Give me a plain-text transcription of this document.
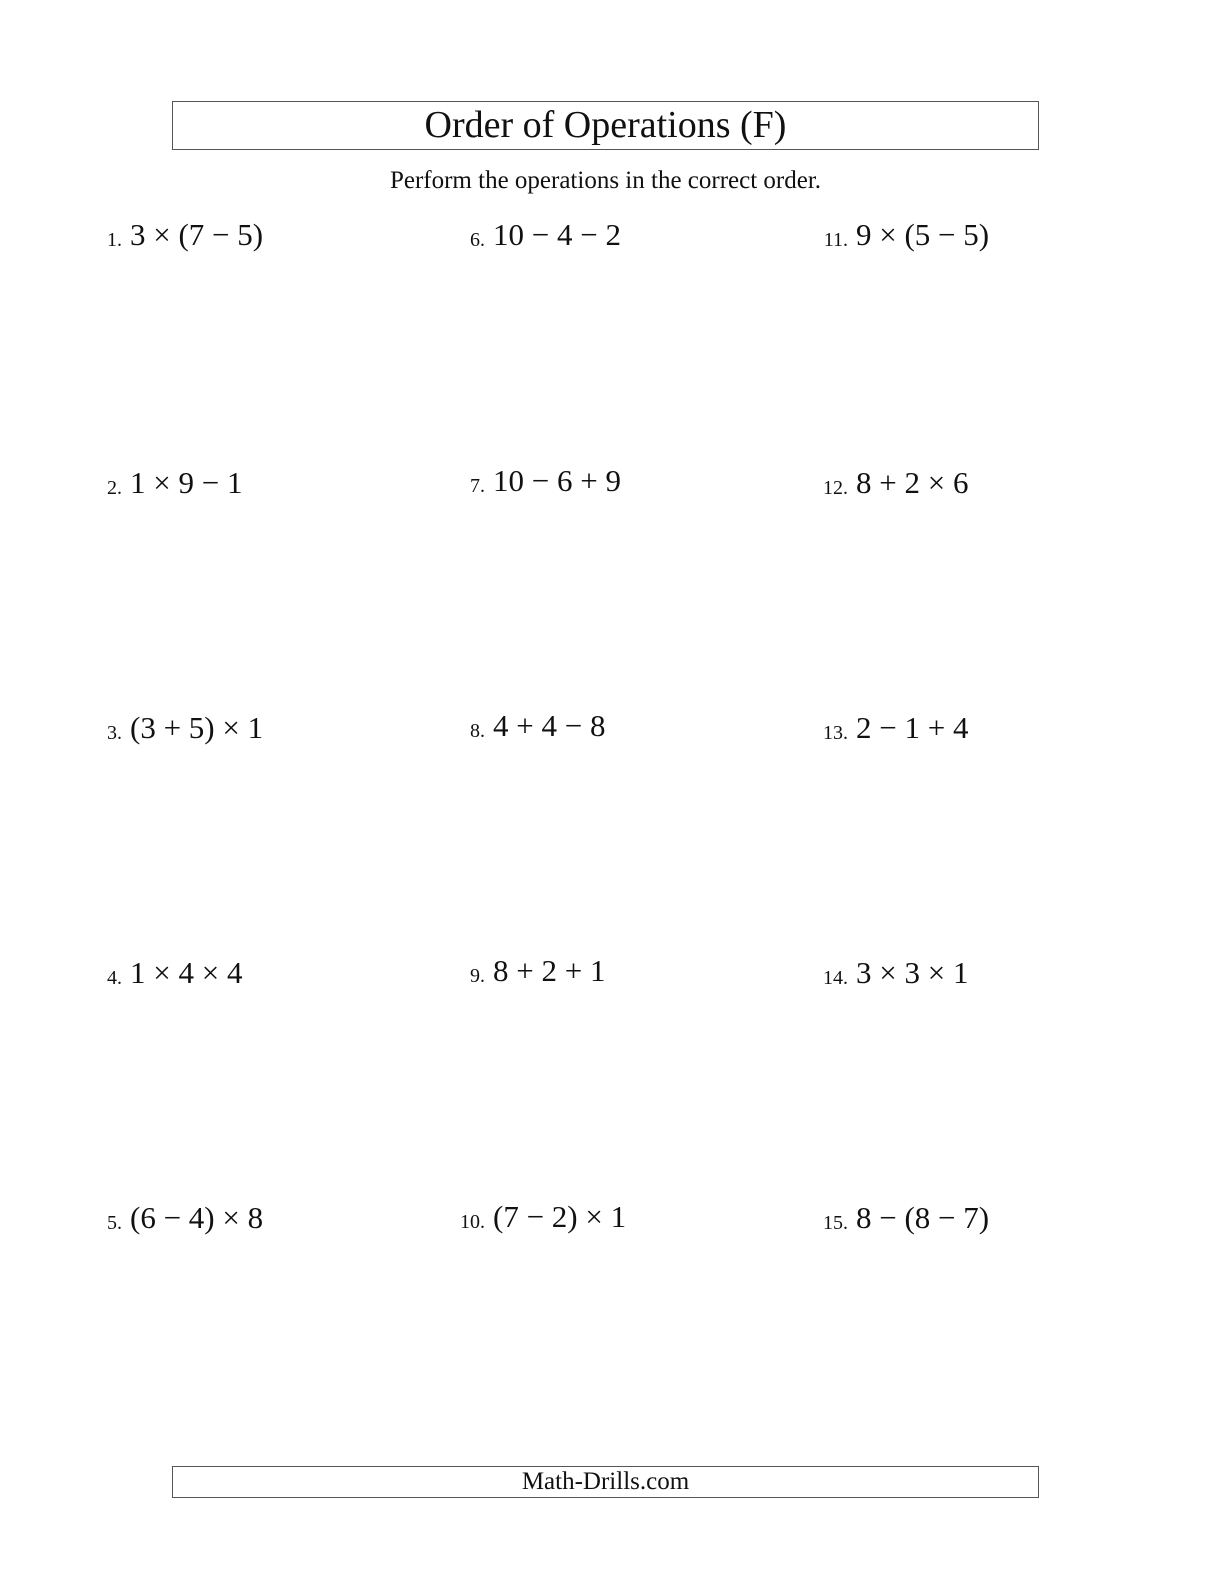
Order of Operations (F)
Perform the operations in the correct order.
1. 3 × (7 − 5)
2. 1 × 9 − 1
3. (3 + 5) × 1
4. 1 × 4 × 4
5. (6 − 4) × 8
6. 10 − 4 − 2
7. 10 − 6 + 9
8. 4 + 4 − 8
9. 8 + 2 + 1
10. (7 − 2) × 1
11. 9 × (5 − 5)
12. 8 + 2 × 6
13. 2 − 1 + 4
14. 3 × 3 × 1
15. 8 − (8 − 7)
Math-Drills.com
